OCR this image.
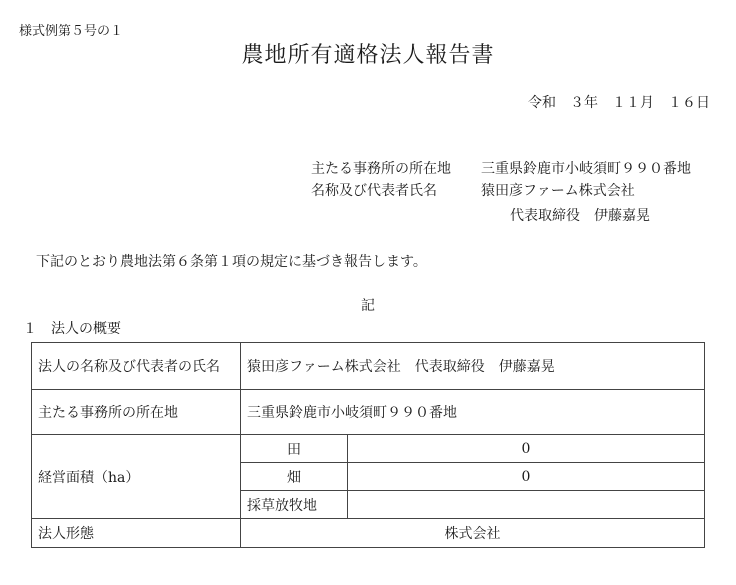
様式例第５号の１
農地所有適格法人報告書
令和　３年　１１月　１６日
主たる事務所の所在地 三重県鈴鹿市小岐須町９９０番地
名称及び代表者氏名	猿田彦ファーム株式会社
代表取締役　伊藤嘉晃
下記のとおり農地法第６条第１項の規定に基づき報告します。
記
１　法人の概要
法人の名称及び代表者の氏名	猿田彦ファーム株式会社　代表取締役　伊藤嘉晃	
主たる事務所の所在地	三重県鈴鹿市小岐須町９９０番地	
経営面積（ha）	田	0
	畑	0
	採草放牧地	
法人形態	株式会社	
